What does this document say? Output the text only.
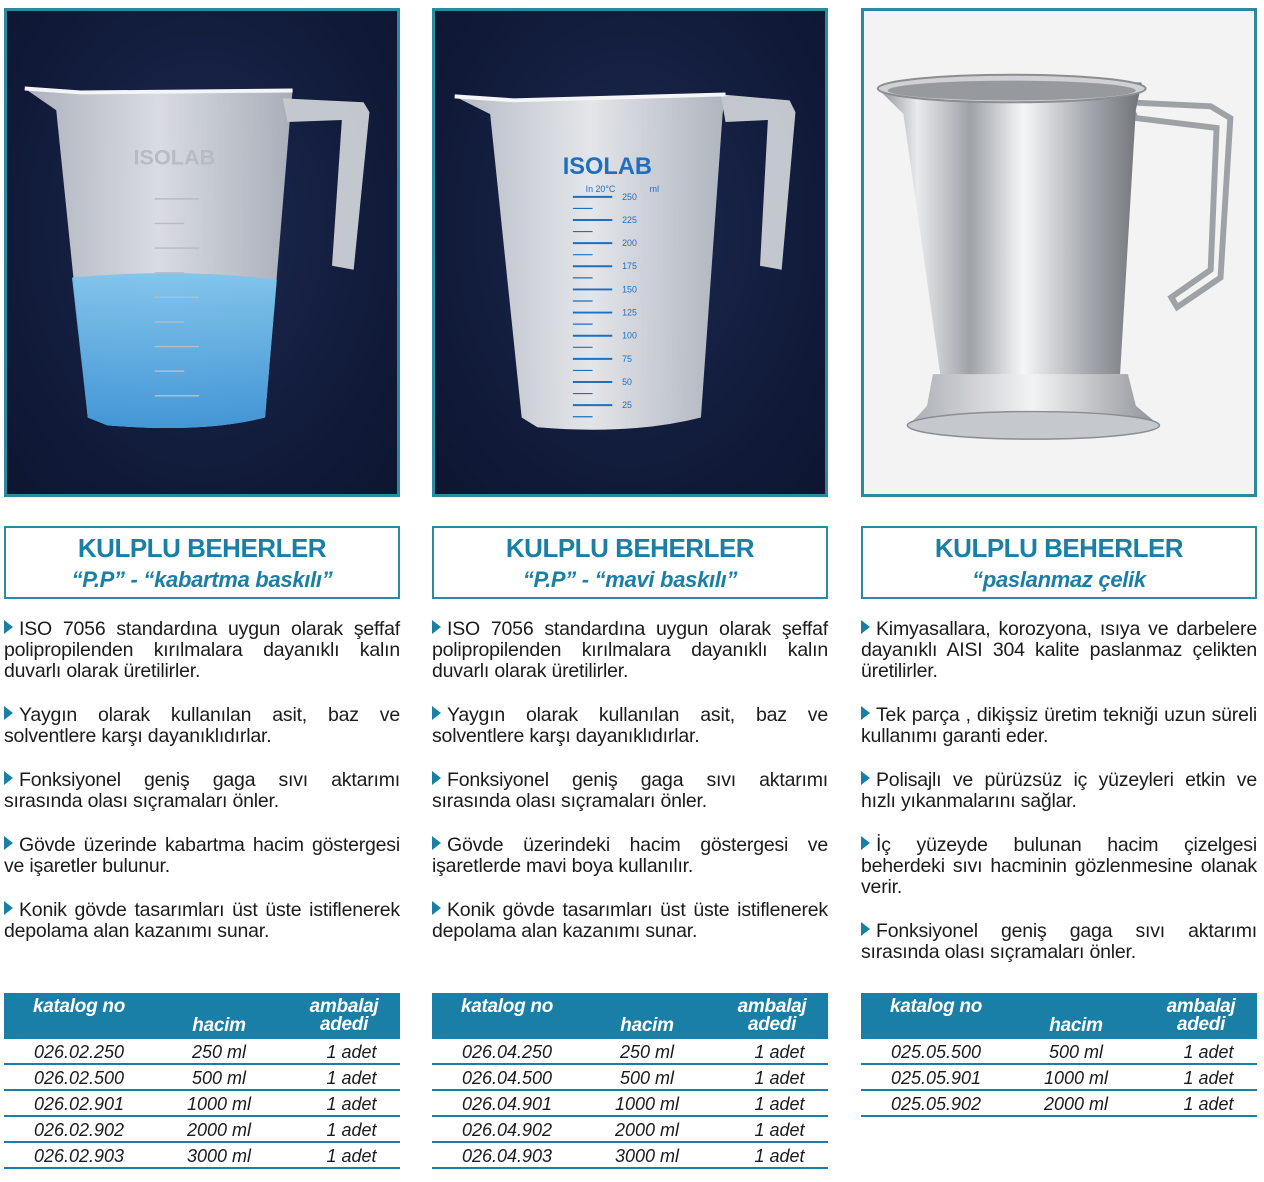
ISOLAB
KULPLU BEHERLER
“P.P” - “kabartma baskılı”

ISO 7056 standardına uygun olarak şeffaf polipropilenden kırılmalara dayanıklı kalın duvarlı olarak üretilirler.

Yaygın olarak kullanılan asit, baz ve solventlere karşı dayanıklıdırlar.

Fonksiyonel geniş gaga sıvı aktarımı sırasında olası sıçramaları önler.

Gövde üzerinde kabartma hacim göstergesi ve işaretler bulunur.

Konik gövde tasarımları üst üste istiflenerek depolama alan kazanımı sunar.

katalog no
hacim
ambalaj adedi
026.02.250	250 ml	1 adet
026.02.500	500 ml	1 adet
026.02.901	1000 ml	1 adet
026.02.902	2000 ml	1 adet
026.02.903	3000 ml	1 adet
ISOLAB
In 20°C	ml
250
225
200
175
150
125
100
75
50
25
KULPLU BEHERLER
“P.P” - “mavi baskılı”

ISO 7056 standardına uygun olarak şeffaf polipropilenden kırılmalara dayanıklı kalın duvarlı olarak üretilirler.

Yaygın olarak kullanılan asit, baz ve solventlere karşı dayanıklıdırlar.

Fonksiyonel geniş gaga sıvı aktarımı sırasında olası sıçramaları önler.

Gövde üzerindeki hacim göstergesi ve işaretlerde mavi boya kullanılır.

Konik gövde tasarımları üst üste istiflenerek depolama alan kazanımı sunar.

katalog no
hacim
ambalaj adedi
026.04.250	250 ml	1 adet
026.04.500	500 ml	1 adet
026.04.901	1000 ml	1 adet
026.04.902	2000 ml	1 adet
026.04.903	3000 ml	1 adet
KULPLU BEHERLER
“paslanmaz çelik

Kimyasallara, korozyona, ısıya ve darbelere dayanıklı AISI 304 kalite paslanmaz çelikten üretilirler.

Tek parça , dikişsiz üretim tekniği uzun süreli kullanımı garanti eder.

Polisajlı ve pürüzsüz iç yüzeyleri etkin ve hızlı yıkanmalarını sağlar.

İç yüzeyde bulunan hacim çizelgesi beherdeki sıvı hacminin gözlenmesine olanak verir.

Fonksiyonel geniş gaga sıvı aktarımı sırasında olası sıçramaları önler.

katalog no
hacim
ambalaj adedi
025.05.500	500 ml	1 adet
025.05.901	1000 ml	1 adet
025.05.902	2000 ml	1 adet
